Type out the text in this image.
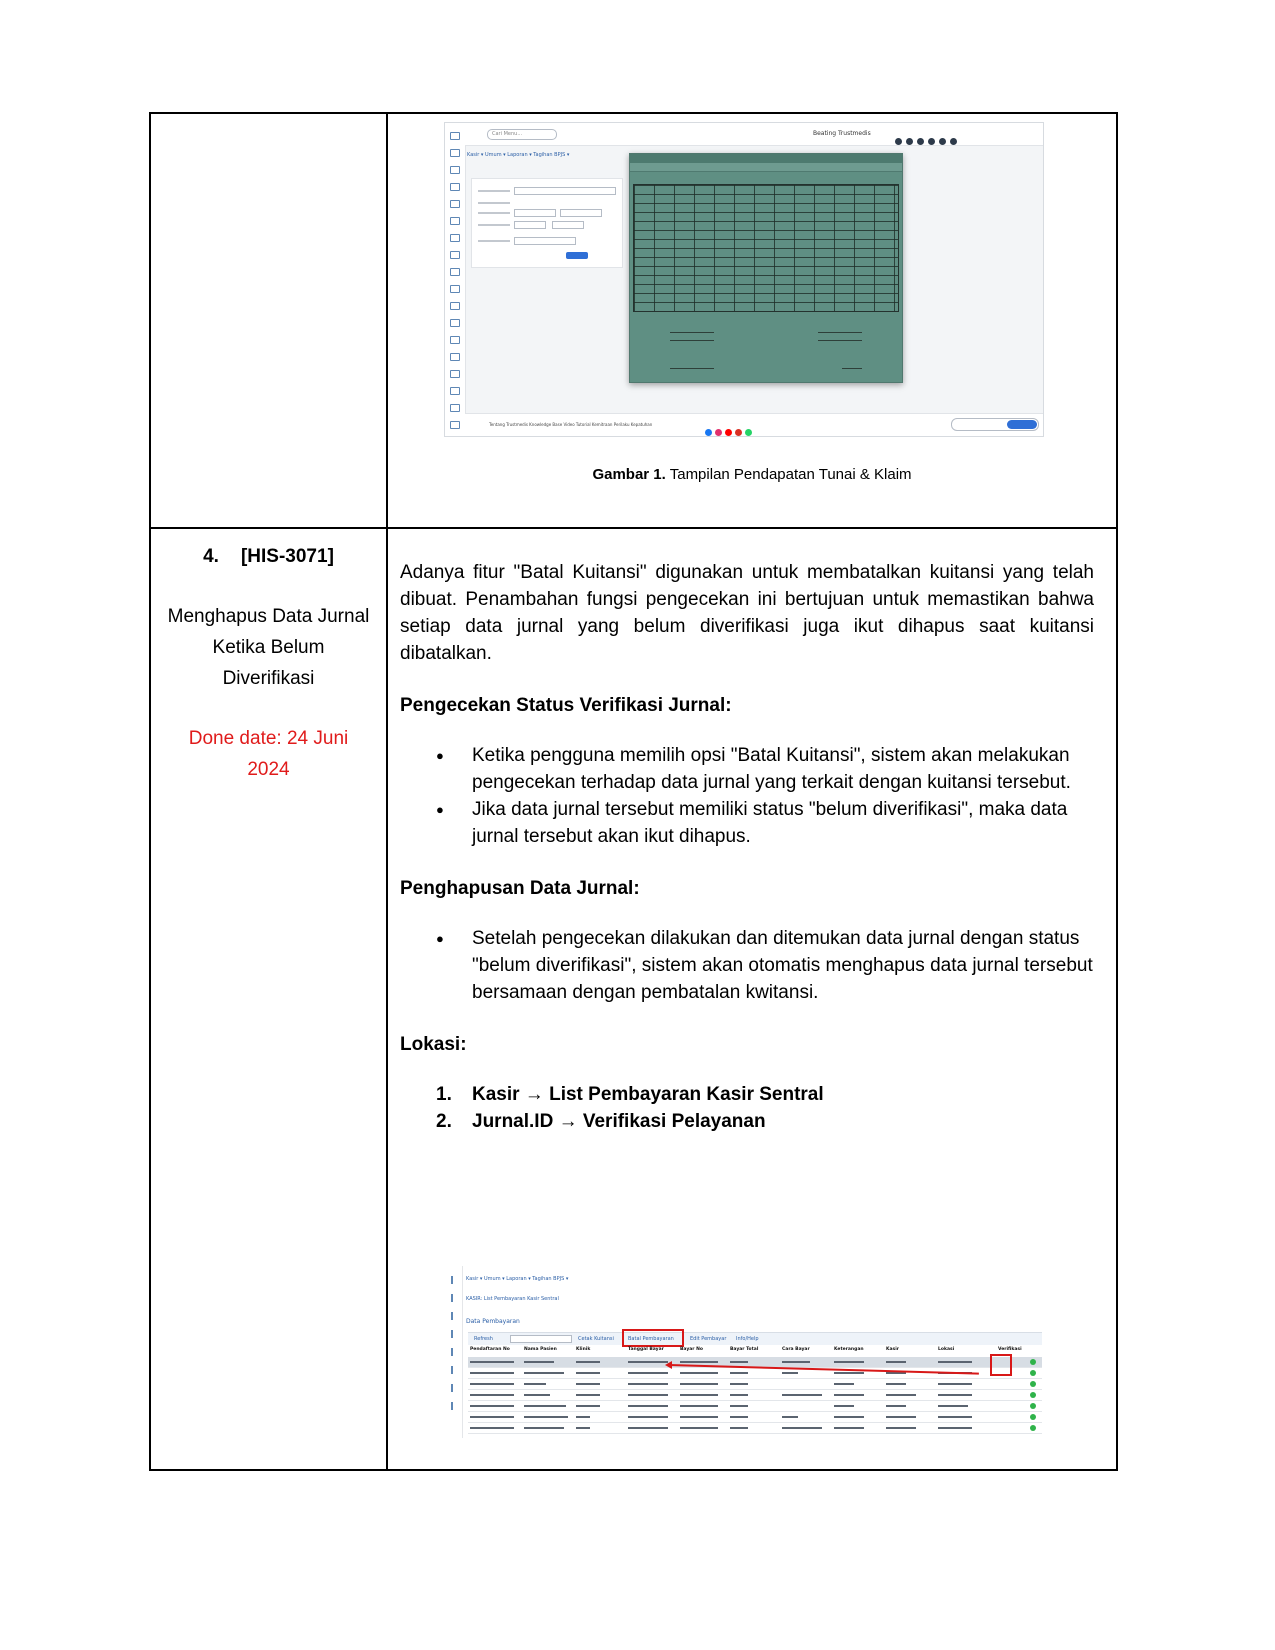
Cari Menu...	Beating Trustmedis
Kasir ▾ Umum ▾ Laporan ▾ Tagihan BPJS ▾
Tentang Trustmedis Knowledge Base Video Tutorial Kemitraan Perilaku Kepatuhan
Gambar 1. Tampilan Pendapatan Tunai & Klaim
4. [HIS-3071]
Menghapus Data Jurnal Ketika Belum Diverifikasi
Done date: 24 Juni 2024

Adanya fitur "Batal Kuitansi" digunakan untuk membatalkan kuitansi yang telah dibuat. Penambahan fungsi pengecekan ini bertujuan untuk memastikan bahwa setiap data jurnal yang belum diverifikasi juga ikut dihapus saat kuitansi dibatalkan.

Pengecekan Status Verifikasi Jurnal:
● Ketika pengguna memilih opsi "Batal Kuitansi", sistem akan melakukan pengecekan terhadap data jurnal yang terkait dengan kuitansi tersebut.
● Jika data jurnal tersebut memiliki status "belum diverifikasi", maka data jurnal tersebut akan ikut dihapus.
Penghapusan Data Jurnal:
● Setelah pengecekan dilakukan dan ditemukan data jurnal dengan status "belum diverifikasi", sistem akan otomatis menghapus data jurnal tersebut bersamaan dengan pembatalan kwitansi.
Lokasi:
1. Kasir → List Pembayaran Kasir Sentral
2. Jurnal.ID → Verifikasi Pelayanan
Kasir ▾ Umum ▾ Laporan ▾ Tagihan BPJS ▾
KASIR: List Pembayaran Kasir Sentral
Data Pembayaran
Refresh	Cetak Kuitansi	Batal Pembayaran	Edit Pembayar Info/Help
Pendaftaran No	Nama Pasien	Klinik	Tanggal Bayar	Bayar No	Bayar Total	Cara Bayar	Keterangan	Kasir	Lokasi	Verifikasi
